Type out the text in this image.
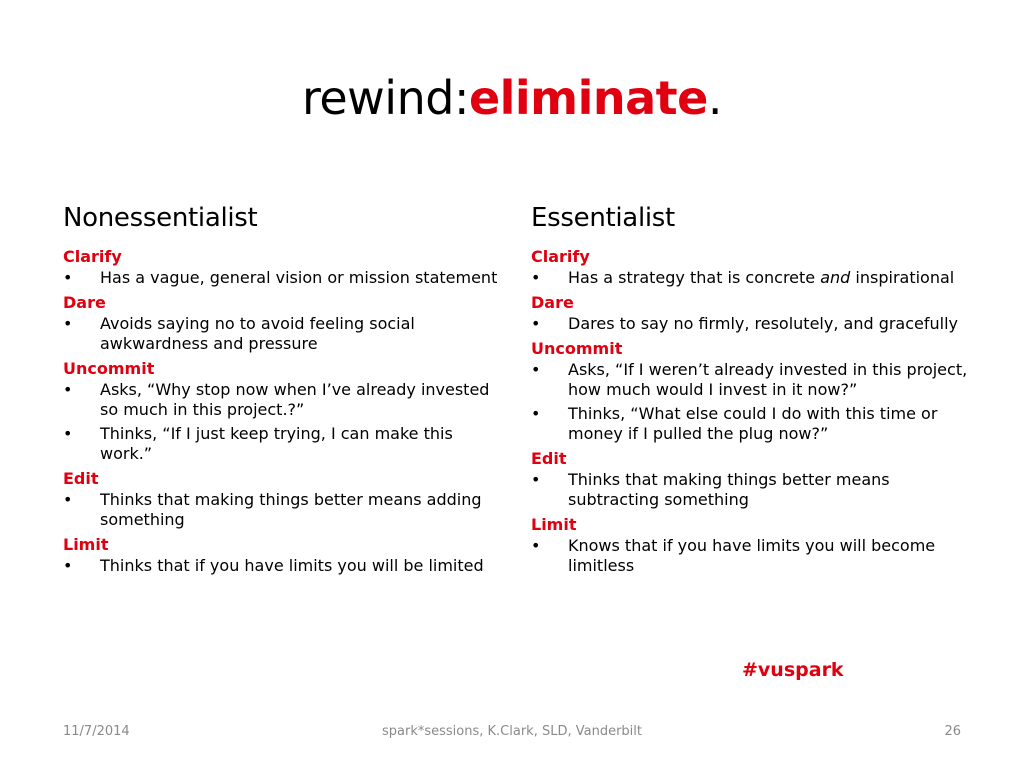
rewind:eliminate.
Nonessentialist
Clarify
•	Has a vague, general vision or mission statement
Dare
•	Avoids saying no to avoid feeling social awkwardness and pressure
Uncommit
•	Asks, “Why stop now when I’ve already invested so much in this project.?”
•	Thinks, “If I just keep trying, I can make this work.”
Edit
•	Thinks that making things better means adding something
Limit
•	Thinks that if you have limits you will be limited
Essentialist
Clarify
•	Has a strategy that is concrete and inspirational
Dare
•	Dares to say no firmly, resolutely, and gracefully
Uncommit
•	Asks, “If I weren’t already invested in this project, how much would I invest in it now?”
•	Thinks, “What else could I do with this time or money if I pulled the plug now?”
Edit
•	Thinks that making things better means subtracting something
Limit
•	Knows that if you have limits you will become limitless
#vuspark
11/7/2014	spark*sessions, K.Clark, SLD, Vanderbilt	26
